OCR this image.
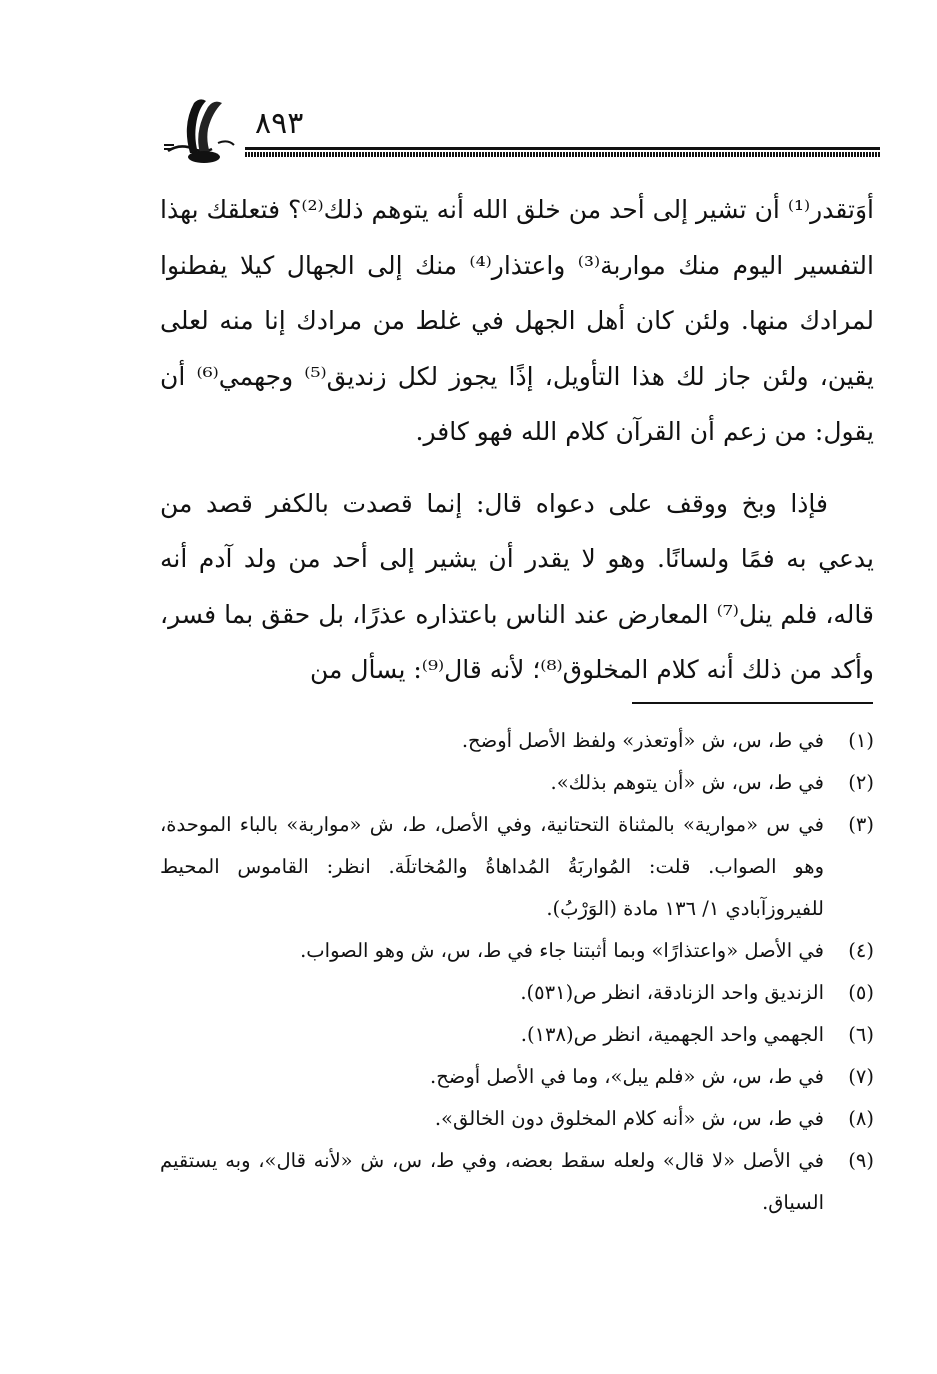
٨٩٣

أوَتقدر⁽¹⁾ أن تشير إلى أحد من خلق الله أنه يتوهم ذلك⁽²⁾؟ فتعلقك بهذا التفسير اليوم منك مواربة⁽³⁾ واعتذار⁽⁴⁾ منك إلى الجهال كيلا يفطنوا لمرادك منها. ولئن كان أهل الجهل في غلط من مرادك إنا منه لعلى يقين، ولئن جاز لك هذا التأويل، إذًا يجوز لكل زنديق⁽⁵⁾ وجهمي⁽⁶⁾ أن يقول: من زعم أن القرآن كلام الله فهو كافر.

فإذا وبخ ووقف على دعواه قال: إنما قصدت بالكفر قصد من يدعي به فمًا ولسانًا. وهو لا يقدر أن يشير إلى أحد من ولد آدم أنه قاله، فلم ينل⁽⁷⁾ المعارض عند الناس باعتذاره عذرًا، بل حقق بما فسر، وأكد من ذلك أنه كلام المخلوق⁽⁸⁾؛ لأنه قال⁽⁹⁾: يسأل من

(١)
في ط، س، ش «أوتعذر» ولفظ الأصل أوضح.
(٢)
في ط، س، ش «أن يتوهم بذلك».
(٣)
في س «موارية» بالمثناة التحتانية، وفي الأصل، ط، ش «مواربة» بالباء الموحدة، وهو الصواب. قلت: المُواربَةُ المُداهاةُ والمُخاتلَة. انظر: القاموس المحيط للفيروزآبادي ١/ ١٣٦ مادة (الوَرْبُ).
(٤)
في الأصل «واعتذارًا» وبما أثبتنا جاء في ط، س، ش وهو الصواب.
(٥)
الزنديق واحد الزنادقة، انظر ص(٥٣١).
(٦)
الجهمي واحد الجهمية، انظر ص(١٣٨).
(٧)
في ط، س، ش «فلم يبل»، وما في الأصل أوضح.
(٨)
في ط، س، ش «أنه كلام المخلوق دون الخالق».
(٩)
في الأصل «لا قال» ولعله سقط بعضه، وفي ط، س، ش «لأنه قال»، وبه يستقيم السياق.
